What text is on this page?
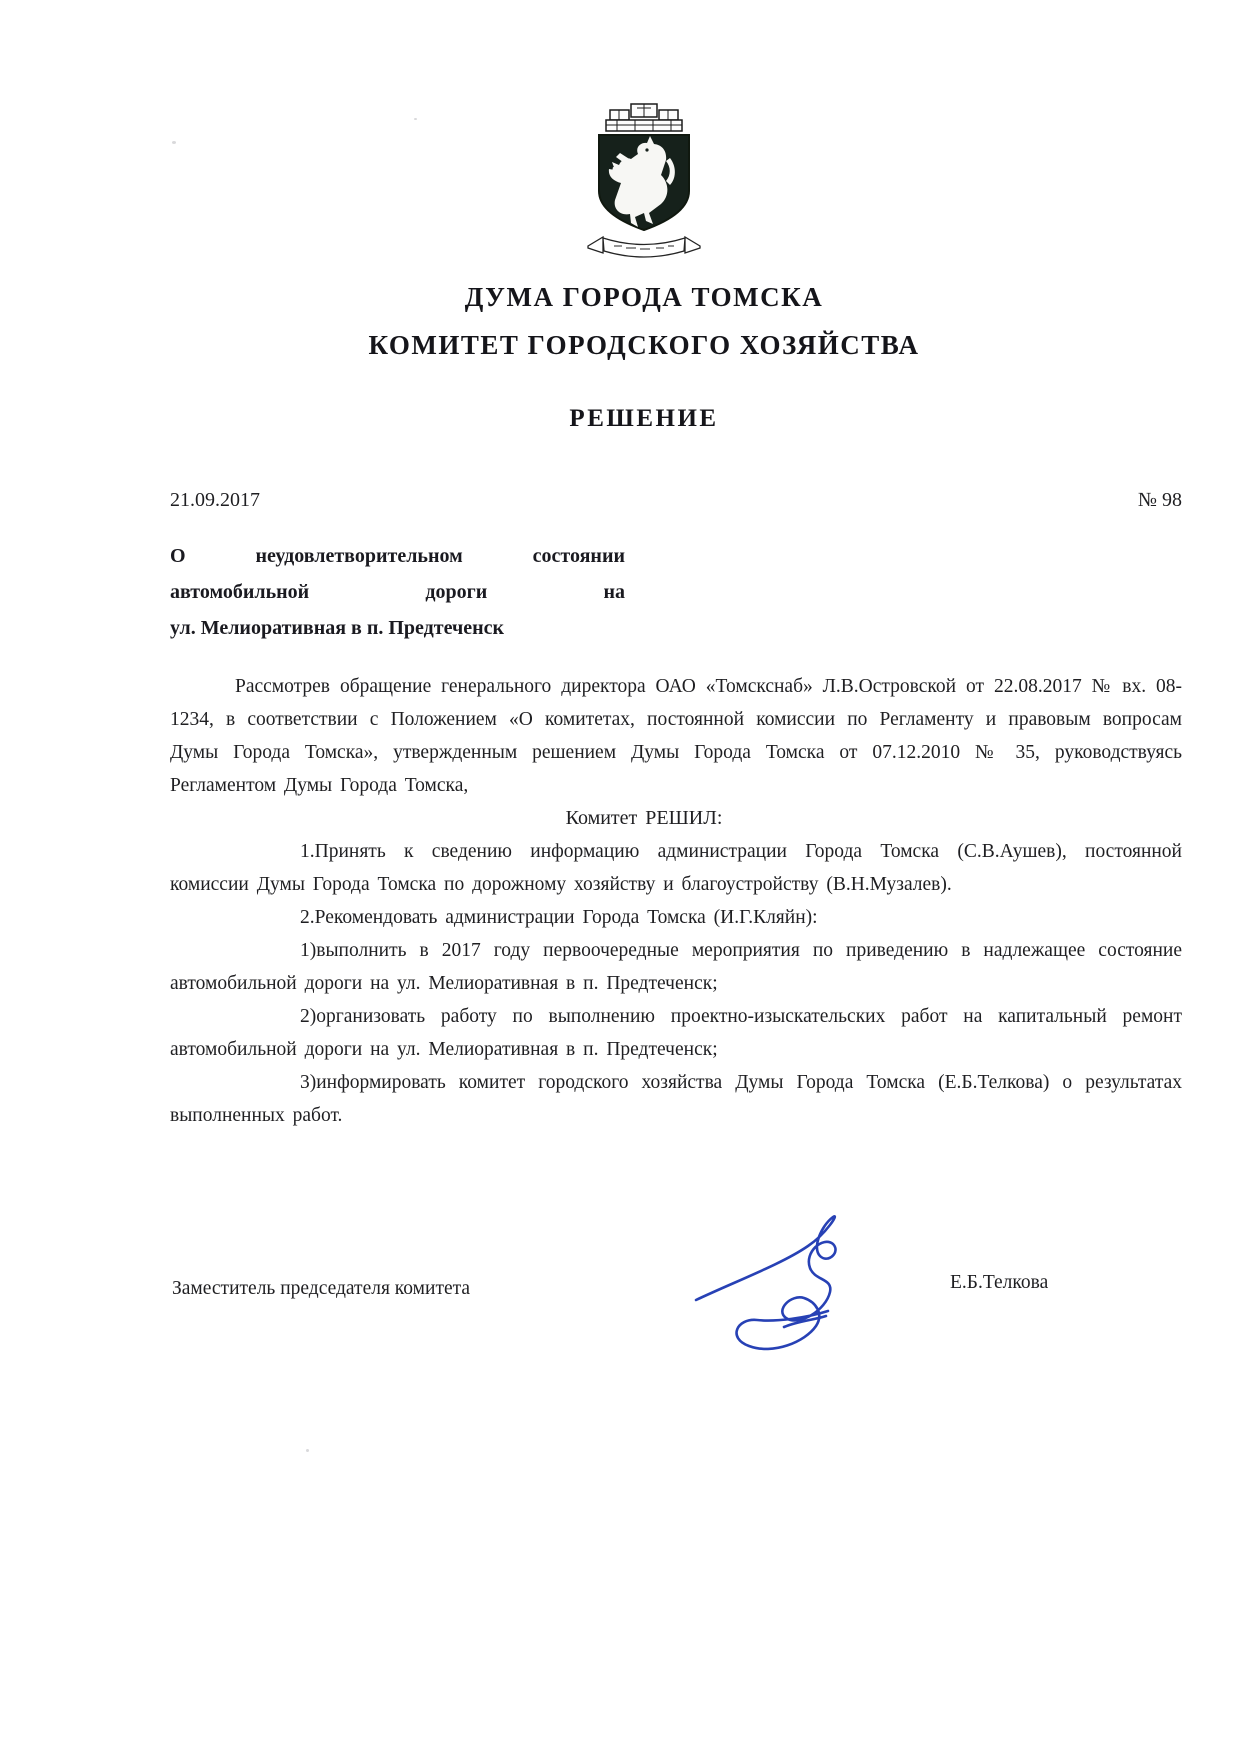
ДУМА ГОРОДА ТОМСКА
КОМИТЕТ ГОРОДСКОГО ХОЗЯЙСТВА
РЕШЕНИЕ
21.09.2017	№ 98
О неудовлетворительном состоянии
автомобильной дороги на
ул. Мелиоративная в п. Предтеченск

Рассмотрев обращение генерального директора ОАО «Томскснаб» Л.В.Островской от 22.08.2017 № вх. 08-1234, в соответствии с Положением «О комитетах, постоянной комиссии по Регламенту и правовым вопросам Думы Города Томска», утвержденным решением Думы Города Томска от 07.12.2010 № 35, руководствуясь Регламентом Думы Города Томска,

Комитет РЕШИЛ:

1.Принять к сведению информацию администрации Города Томска (С.В.Аушев), постоянной комиссии Думы Города Томска по дорожному хозяйству и благоустройству (В.Н.Музалев).

2.Рекомендовать администрации Города Томска (И.Г.Кляйн):

1)выполнить в 2017 году первоочередные мероприятия по приведению в надлежащее состояние автомобильной дороги на ул. Мелиоративная в п. Предтеченск;

2)организовать работу по выполнению проектно-изыскательских работ на капитальный ремонт автомобильной дороги на ул. Мелиоративная в п. Предтеченск;

3)информировать комитет городского хозяйства Думы Города Томска (Е.Б.Телкова) о результатах выполненных работ.

Заместитель председателя комитета	Е.Б.Телкова
